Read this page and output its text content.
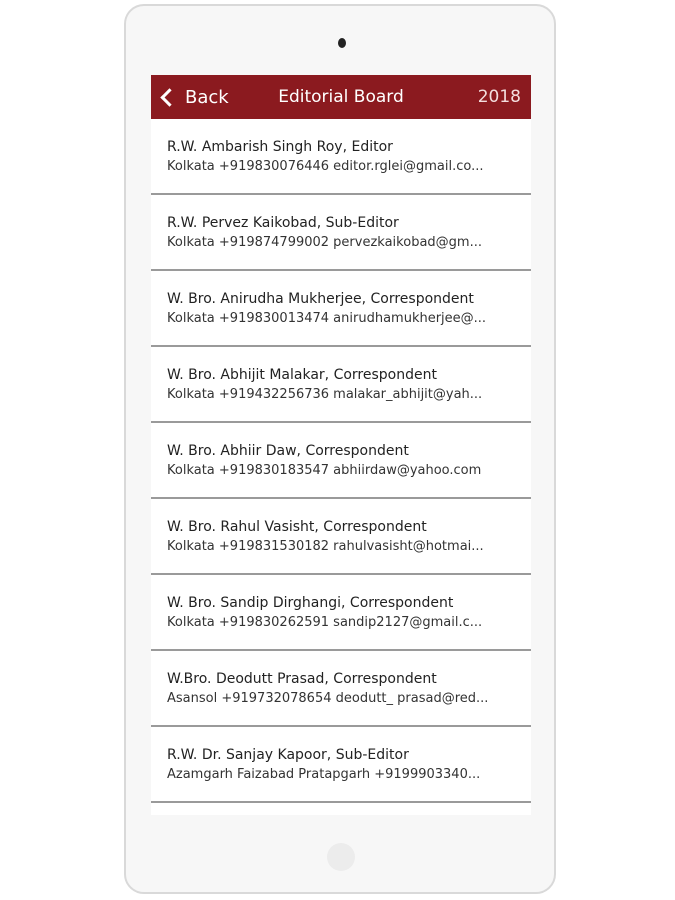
Back	Editorial Board	2018
R.W. Ambarish Singh Roy, Editor
Kolkata +919830076446 editor.rglei@gmail.co...
R.W. Pervez Kaikobad, Sub-Editor
Kolkata +919874799002 pervezkaikobad@gm...
W. Bro. Anirudha Mukherjee, Correspondent
Kolkata +919830013474 anirudhamukherjee@...
W. Bro. Abhijit Malakar, Correspondent
Kolkata +919432256736 malakar_abhijit@yah...
W. Bro. Abhiir Daw, Correspondent
Kolkata +919830183547 abhiirdaw@yahoo.com
W. Bro. Rahul Vasisht, Correspondent
Kolkata +919831530182 rahulvasisht@hotmai...
W. Bro. Sandip Dirghangi, Correspondent
Kolkata +919830262591 sandip2127@gmail.c...
W.Bro. Deodutt Prasad, Correspondent
Asansol +919732078654 deodutt_ prasad@red...
R.W. Dr. Sanjay Kapoor, Sub-Editor
Azamgarh Faizabad Pratapgarh +9199903340...
